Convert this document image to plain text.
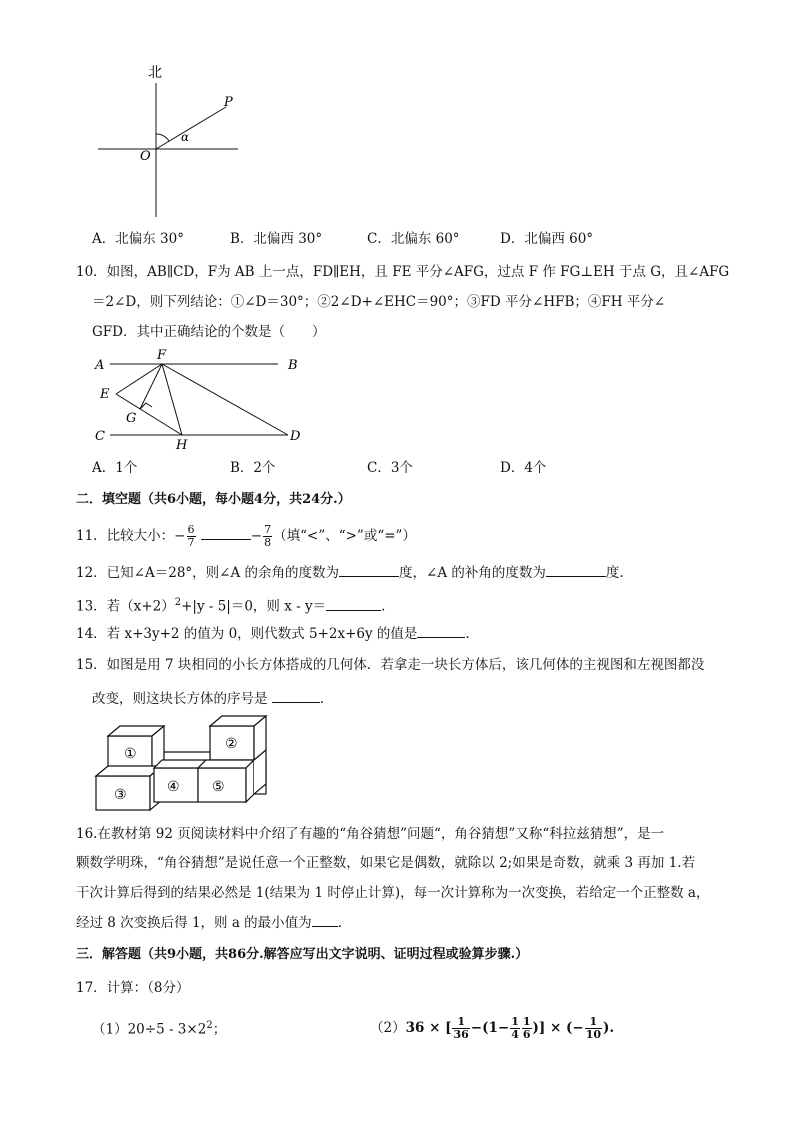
北
O
P
α
A．北偏东 30°	B．北偏西 30°	C．北偏东 60°	D．北偏西 60°
10．如图，AB∥CD，F为 AB 上一点，FD∥EH，且 FE 平分∠AFG，过点 F 作 FG⊥EH 于点 G，且∠AFG
＝2∠D，则下列结论：①∠D＝30°；②2∠D+∠EHC＝90°；③FD 平分∠HFB；④FH 平分∠
GFD．其中正确结论的个数是（　　）
A
F
B
E
G
C
H
D
A．1个	B．2个	C．3个	D．4个
二．填空题（共6小题，每小题4分，共24分.）
11．比较大小：− $\frac{6}{7}$	− $\frac{7}{8}$ （填“<”、“>”或“=”）
12．已知∠A＝28°，则∠A 的余角的度数为	度，∠A 的补角的度数为	度.
13．若$(x+2)^2+|y - 5|=0$，则 x - y＝	.
14．若 x+3y+2 的值为 0，则代数式 5+2x+6y 的值是	.
15．如图是用 7 块相同的小长方体搭成的几何体．若拿走一块长方体后，该几何体的主视图和左视图都没
改变，则这块长方体的序号是	.
①
②
③	④ ⑤
16.在教材第 92 页阅读材料中介绍了有趣的“角谷猜想”问题“，角谷猜想”又称“科拉兹猜想”，是一
颗数学明珠，“角谷猜想”是说任意一个正整数，如果它是偶数，就除以 2;如果是奇数，就乘 3 再加 1.若
干次计算后得到的结果必然是 1(结果为 1 时停止计算)，每一次计算称为一次变换，若给定一个正整数 a，
经过 8 次变换后得 1，则 a 的最小值为 .
三．解答题（共9小题，共86分.解答应写出文字说明、证明过程或验算步骤.）
17．计算：（8分）
$(1)20\div 5 - 3\times 2^2$；	（2）36 × [ $\frac{1}{36} -(1- \frac{1}{4} \frac{1}{6}$ )] × (− $\frac{1}{10}$ ).
